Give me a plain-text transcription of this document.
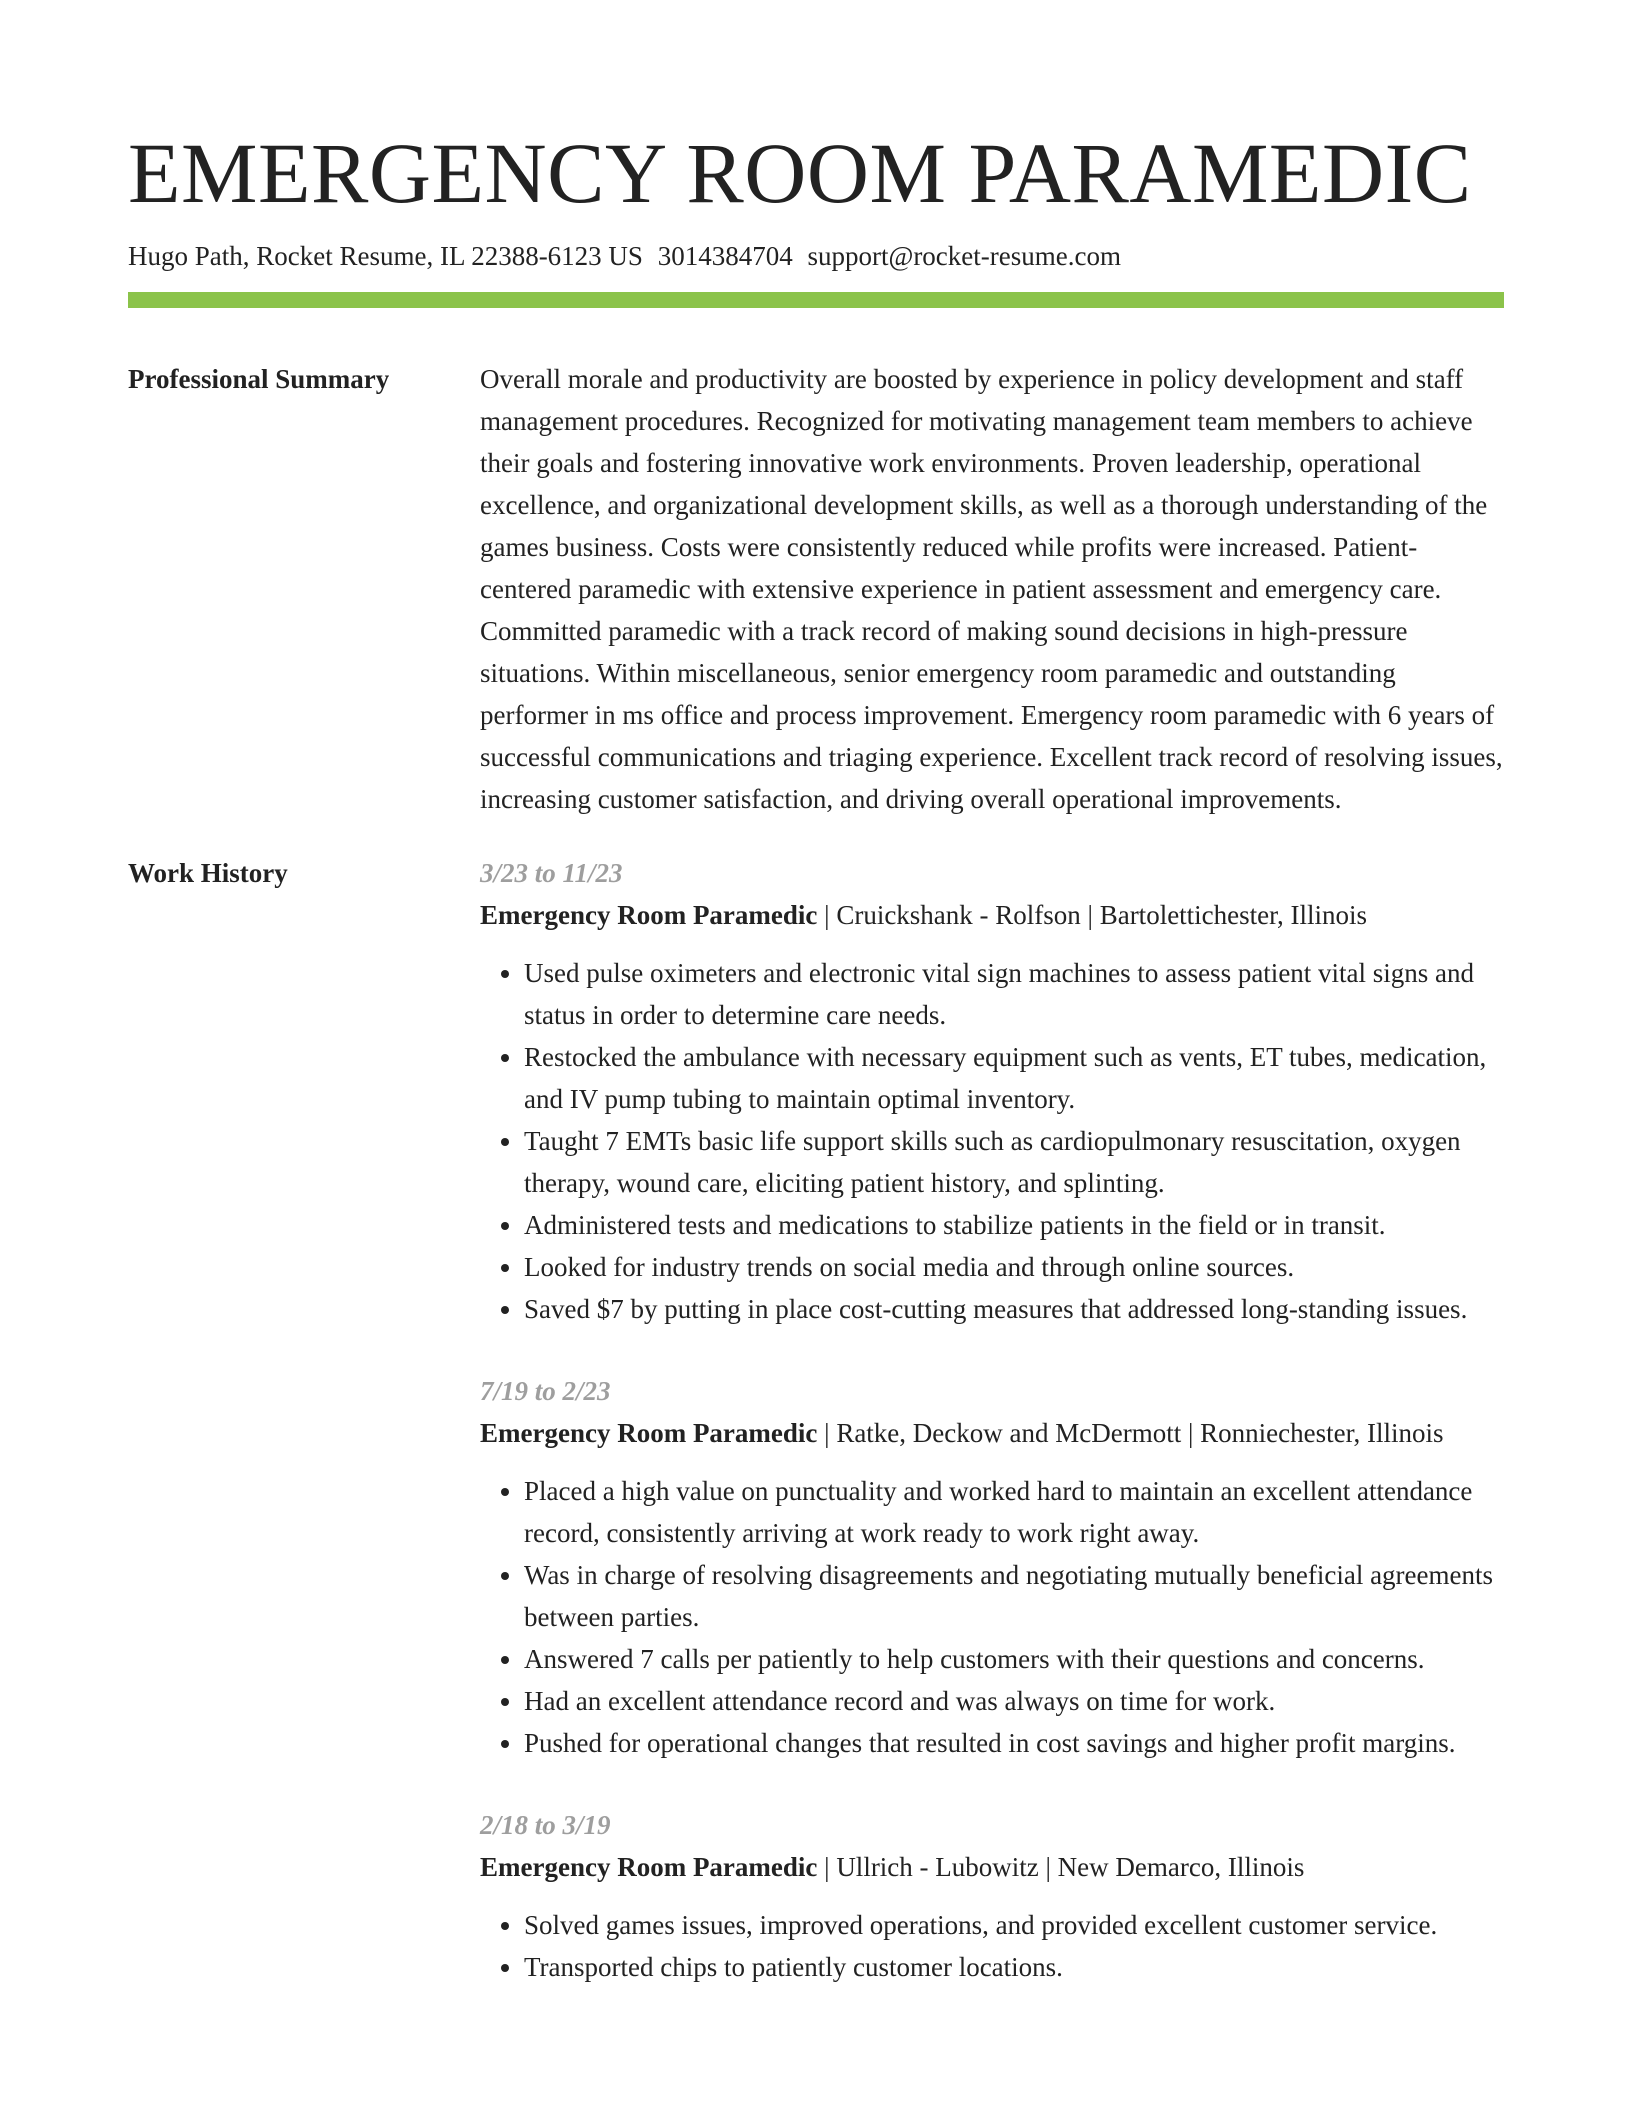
EMERGENCY ROOM PARAMEDIC
Hugo Path, Rocket Resume, IL 22388-6123 US 3014384704 support@rocket-resume.com
Professional Summary	Overall morale and productivity are boosted by experience in policy development and staff management procedures. Recognized for motivating management team members to achieve their goals and fostering innovative work environments. Proven leadership, operational excellence, and organizational development skills, as well as a thorough understanding of the games business. Costs were consistently reduced while profits were increased. Patient-centered paramedic with extensive experience in patient assessment and emergency care. Committed paramedic with a track record of making sound decisions in high-pressure situations. Within miscellaneous, senior emergency room paramedic and outstanding performer in ms office and process improvement. Emergency room paramedic with 6 years of successful communications and triaging experience. Excellent track record of resolving issues, increasing customer satisfaction, and driving overall operational improvements.

Work History	3/23 to 11/23

Emergency Room Paramedic | Cruickshank - Rolfson | Bartolettichester, Illinois

• Used pulse oximeters and electronic vital sign machines to assess patient vital signs and status in order to determine care needs.
• Restocked the ambulance with necessary equipment such as vents, ET tubes, medication, and IV pump tubing to maintain optimal inventory.
• Taught 7 EMTs basic life support skills such as cardiopulmonary resuscitation, oxygen therapy, wound care, eliciting patient history, and splinting.
• Administered tests and medications to stabilize patients in the field or in transit.
• Looked for industry trends on social media and through online sources.
• Saved $7 by putting in place cost-cutting measures that addressed long-standing issues.
7/19 to 2/23

Emergency Room Paramedic | Ratke, Deckow and McDermott | Ronniechester, Illinois

• Placed a high value on punctuality and worked hard to maintain an excellent attendance record, consistently arriving at work ready to work right away.
• Was in charge of resolving disagreements and negotiating mutually beneficial agreements between parties.
• Answered 7 calls per patiently to help customers with their questions and concerns.
• Had an excellent attendance record and was always on time for work.
• Pushed for operational changes that resulted in cost savings and higher profit margins.
2/18 to 3/19

Emergency Room Paramedic | Ullrich - Lubowitz | New Demarco, Illinois

• Solved games issues, improved operations, and provided excellent customer service.
• Transported chips to patiently customer locations.
